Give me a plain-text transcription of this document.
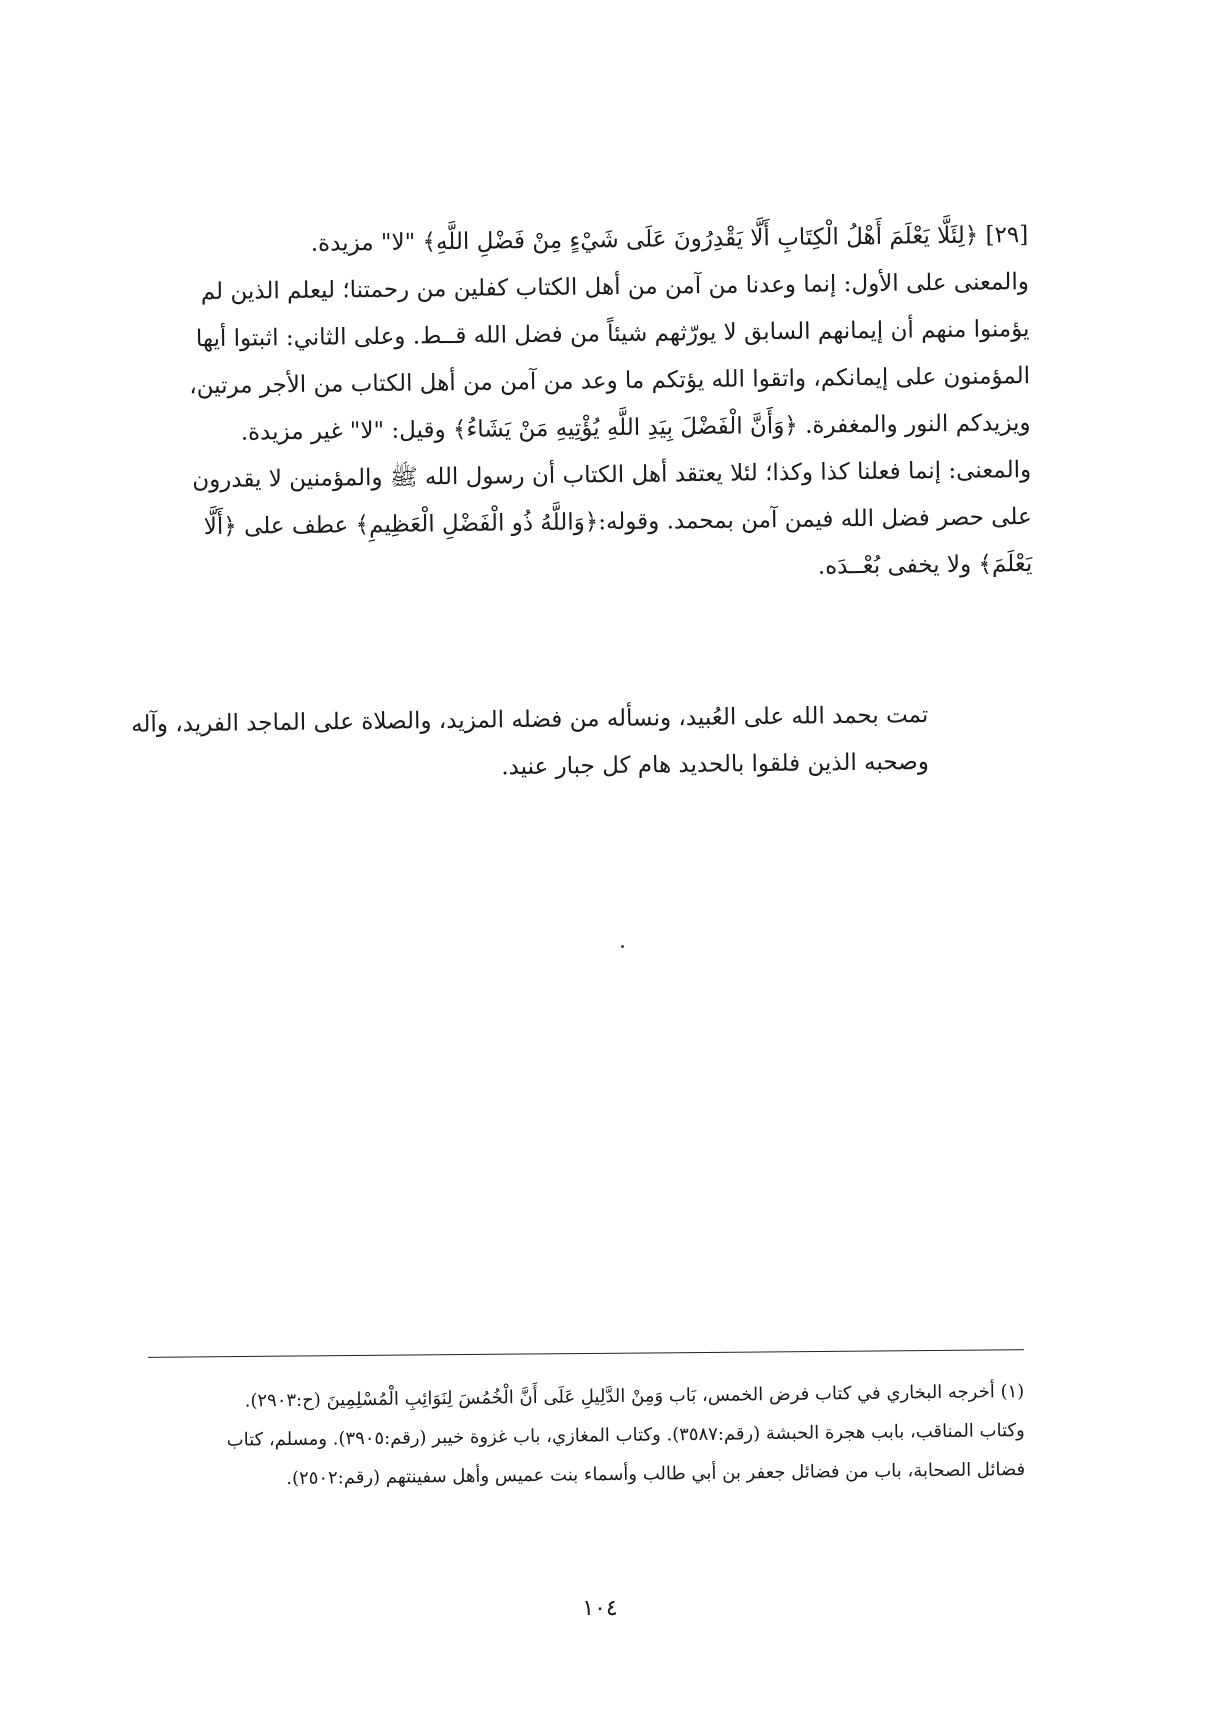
[٢٩] ﴿لِئَلَّا يَعْلَمَ أَهْلُ الْكِتَابِ أَلَّا يَقْدِرُونَ عَلَى شَيْءٍ مِنْ فَضْلِ اللَّهِ﴾ "لا" مزيدة.
والمعنى على الأول: إنما وعدنا من آمن من أهل الكتاب كفلين من رحمتنا؛ ليعلم الذين لم
يؤمنوا منهم أن إيمانهم السابق لا يورّثهم شيئاً من فضل الله قــط. وعلى الثاني: اثبتوا أيها
المؤمنون على إيمانكم، واتقوا الله يؤتكم ما وعد من آمن من أهل الكتاب من الأجر مرتين،
ويزيدكم النور والمغفرة. ﴿وَأَنَّ الْفَضْلَ بِيَدِ اللَّهِ يُؤْتِيهِ مَنْ يَشَاءُ﴾ وقيل: "لا" غير مزيدة.
والمعنى: إنما فعلنا كذا وكذا؛ لئلا يعتقد أهل الكتاب أن رسول الله ﷺ والمؤمنين لا يقدرون
على حصر فضل الله فيمن آمن بمحمد. وقوله:﴿وَاللَّهُ ذُو الْفَضْلِ الْعَظِيمِ﴾ عطف على ﴿أَلَّا
يَعْلَمَ﴾ ولا يخفى بُعْــدَه.
تمت بحمد الله على العُبيد، ونسأله من فضله المزيد، والصلاة على الماجد الفريد، وآله
وصحبه الذين فلقوا بالحديد هام كل جبار عنيد.
(١) أخرجه البخاري في كتاب فرض الخمس، بَاب وَمِنْ الدَّلِيلِ عَلَى أَنَّ الْخُمُسَ لِنَوَائِبِ الْمُسْلِمِينَ (ح:٢٩٠٣).
وكتاب المناقب، بابب هجرة الحبشة (رقم:٣٥٨٧). وكتاب المغازي، باب غزوة خيبر (رقم:٣٩٠٥). ومسلم، كتاب
فضائل الصحابة، باب من فضائل جعفر بن أبي طالب وأسماء بنت عميس وأهل سفينتهم (رقم:٢٥٠٢).
١٠٤
